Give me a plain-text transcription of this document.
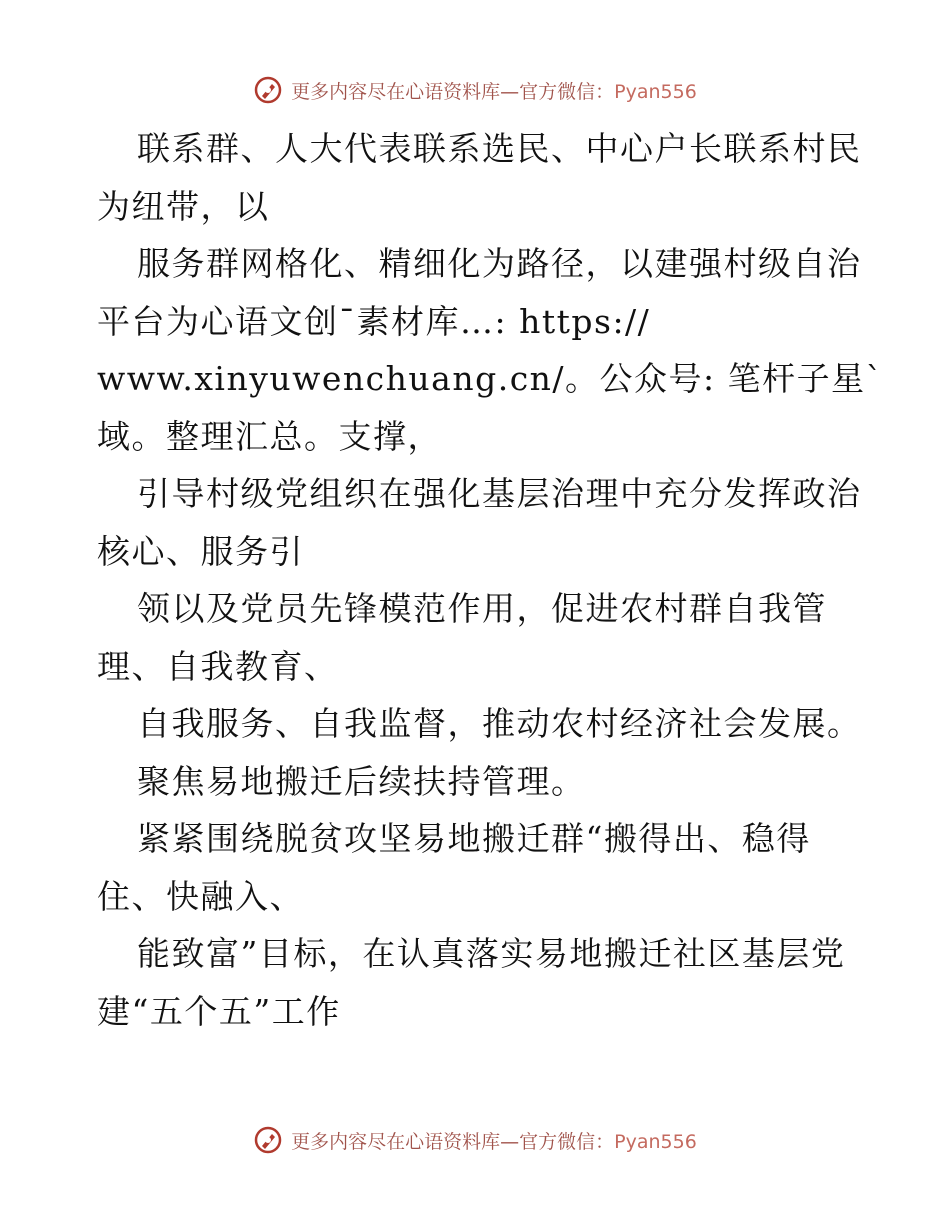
更多内容尽在心语资料库—官方微信：Pyan556
联系群、人大代表联系选民、中心户长联系村民
为纽带，以
服务群网格化、精细化为路径，以建强村级自治
平台为心语文创¯素材库…: https://
www.xinyuwenchuang.cn/。公众号: 笔杆子星`
域。整理汇总。支撑，
引导村级党组织在强化基层治理中充分发挥政治
核心、服务引
领以及党员先锋模范作用，促进农村群自我管
理、自我教育、
自我服务、自我监督，推动农村经济社会发展。
聚焦易地搬迁后续扶持管理。
紧紧围绕脱贫攻坚易地搬迁群“搬得出、稳得
住、快融入、
能致富”目标，在认真落实易地搬迁社区基层党
建“五个五”工作
更多内容尽在心语资料库—官方微信：Pyan556
